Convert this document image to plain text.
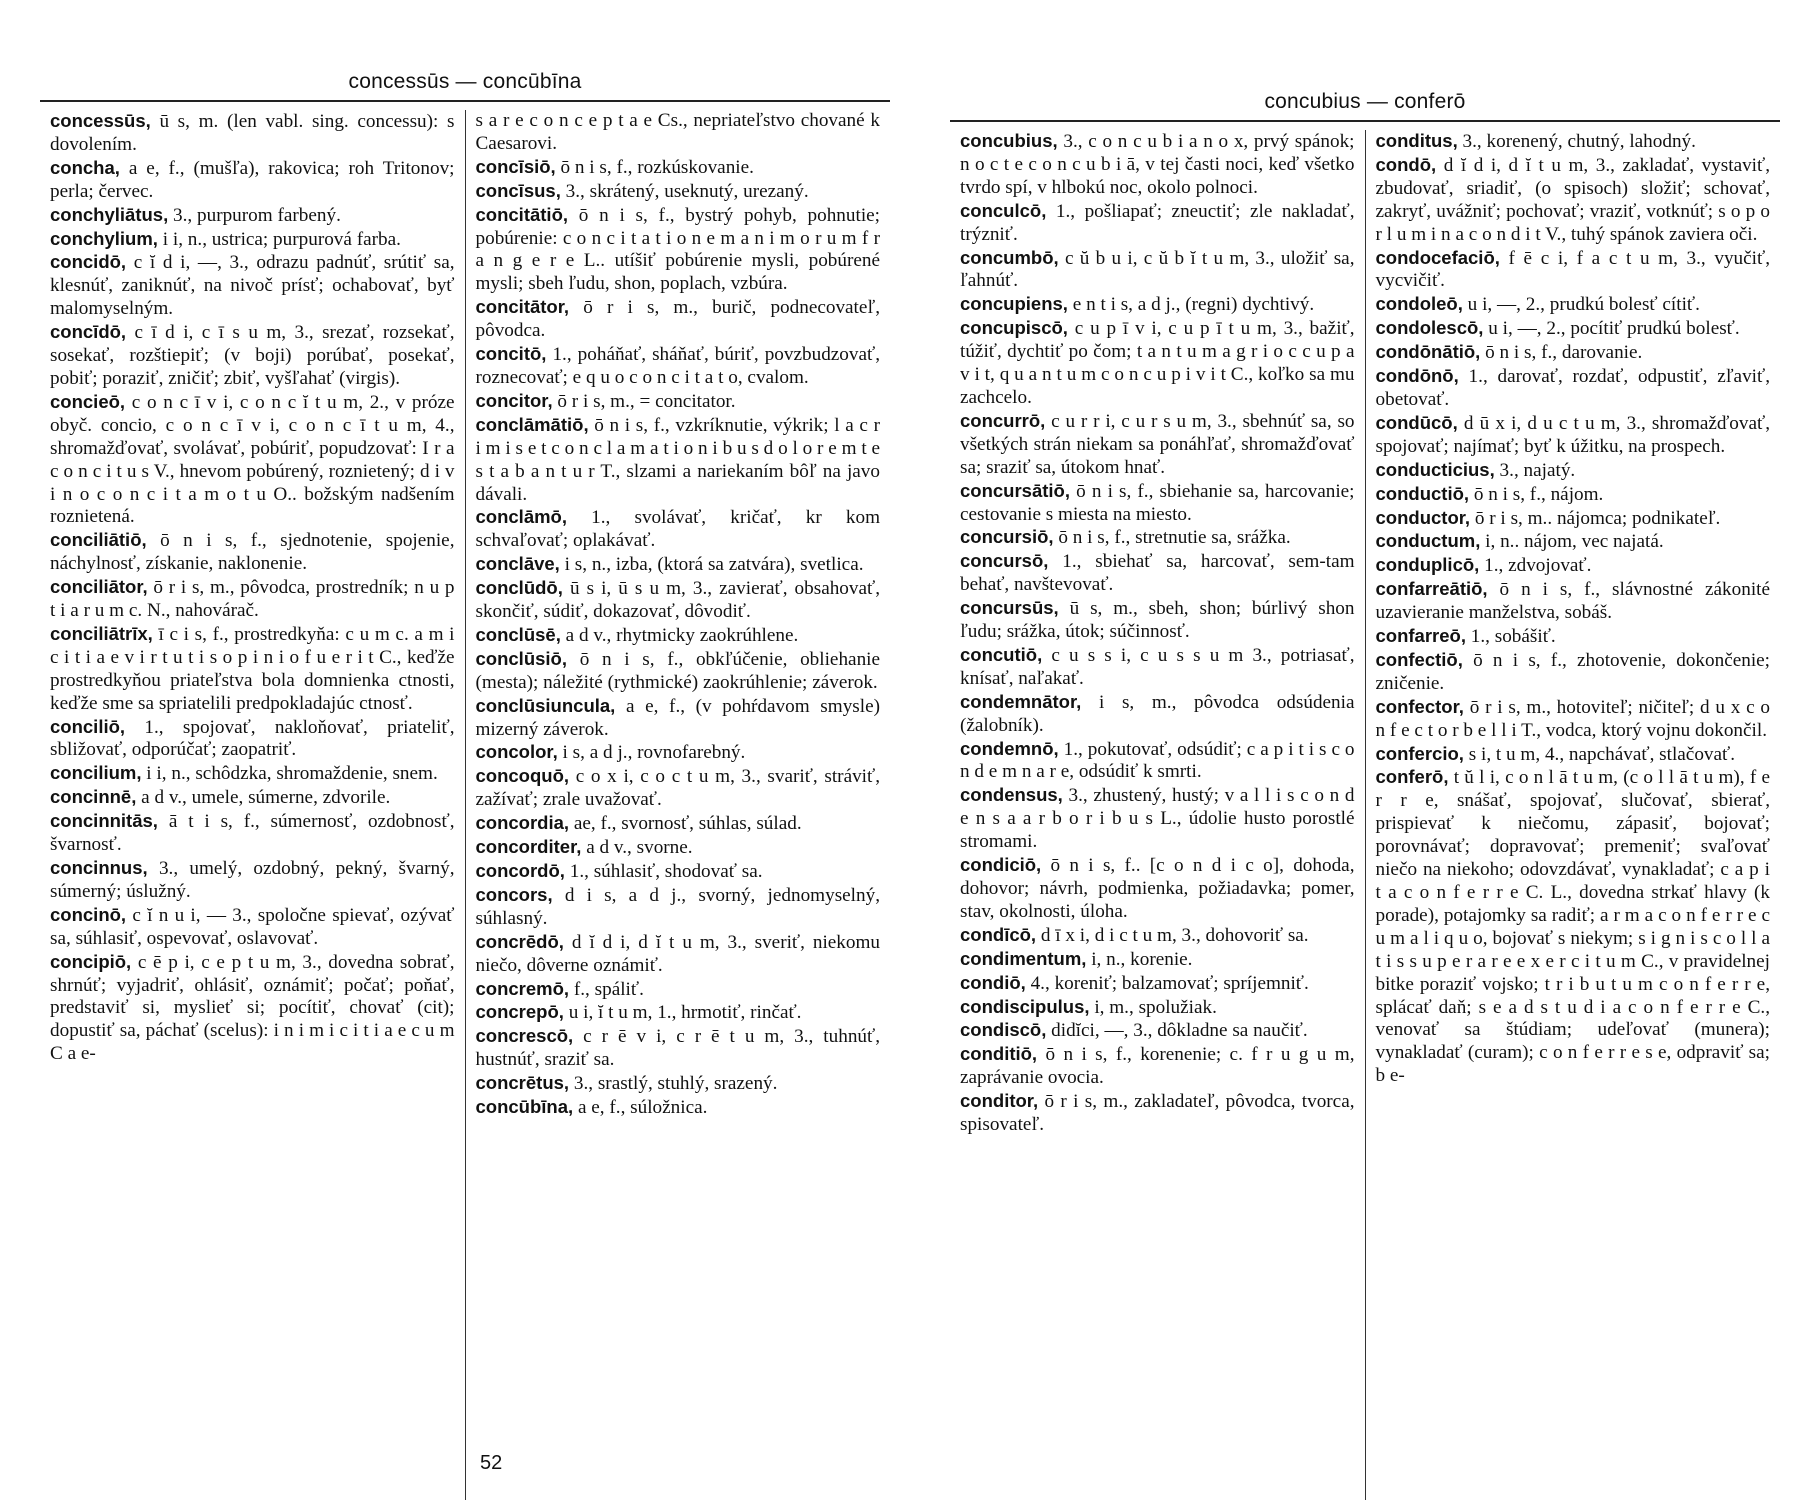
concessūs — concūbīna

concessūs, ū s, m. (len vabl. sing. concessu): s dovolením.

concha, a e, f., (mušľa), rakovica; roh Tritonov; perla; červec.

conchyliātus, 3., purpurom farbený.

conchylium, i i, n., ustrica; purpurová farba.

concidō, c ĭ d i, —, 3., odrazu padnúť, srútiť sa, klesnúť, zaniknúť, na nivoč prísť; ochabovať, byť malomyselným.

concīdō, c ī d i, c ī s u m, 3., srezať, rozsekať, sosekať, rozštiepiť; (v boji) porúbať, posekať, pobiť; poraziť, zničiť; zbiť, vyšľahať (virgis).

concieō, c o n c ī v i, c o n c ĭ t u m, 2., v próze obyč. concio, c o n c ī v i, c o n c ī t u m, 4., shromažďovať, svolávať, pobúriť, popudzovať: I r a c o n c i t u s V., hnevom pobúrený, roznietený; d i v i n o c o n c i t a m o t u O.. božským nadšením roznietená.

conciliātiō, ō n i s, f., sjednotenie, spojenie, náchylnosť, získanie, naklonenie.

conciliātor, ō r i s, m., pôvodca, prostredník; n u p t i a r u m c. N., nahovárač.

conciliātrīx, ī c i s, f., prostredkyňa: c u m c. a m i c i t i a e v i r t u t i s o p i n i o f u e r i t C., keďže prostredkyňou priateľstva bola domnienka ctnosti, keďže sme sa spriatelili predpokladajúc ctnosť.

conciliō, 1., spojovať, nakloňovať, priateliť, sbližovať, odporúčať; zaopatriť.

concilium, i i, n., schôdzka, shromaždenie, snem.

concinnē, a d v., umele, súmerne, zdvorile.

concinnitās, ā t i s, f., súmernosť, ozdobnosť, švarnosť.

concinnus, 3., umelý, ozdobný, pekný, švarný, súmerný; úslužný.

concinō, c ĭ n u i, — 3., spoločne spievať, ozývať sa, súhlasiť, ospevovať, oslavovať.

concipiō, c ē p i, c e p t u m, 3., dovedna sobrať, shrnúť; vyjadriť, ohlásiť, oznámiť; počať; poňať, predstaviť si, myslieť si; pocítiť, chovať (cit); dopustiť sa, páchať (scelus): i n i m i c i t i a e c u m C a e-

s a r e c o n c e p t a e Cs., nepriateľstvo chované k Caesarovi.

concīsiō, ō n i s, f., rozkúskovanie.

concīsus, 3., skrátený, useknutý, urezaný.

concitātiō, ō n i s, f., bystrý pohyb, pohnutie; pobúrenie: c o n c i t a t i o n e m a n i m o r u m f r a n g e r e L.. utíšiť pobúrenie mysli, pobúrené mysli; sbeh ľudu, shon, poplach, vzbúra.

concitātor, ō r i s, m., burič, podnecovateľ, pôvodca.

concitō, 1., poháňať, sháňať, búriť, povzbudzovať, roznecovať; e q u o c o n c i t a t o, cvalom.

concitor, ō r i s, m., = concitator.

conclāmātiō, ō n i s, f., vzkríknutie, výkrik; l a c r i m i s e t c o n c l a m a t i o n i b u s d o l o r e m t e s t a b a n t u r T., slzami a nariekaním bôľ na javo dávali.

conclāmō, 1., svolávať, kričať, kr kom schvaľovať; oplakávať.

conclāve, i s, n., izba, (ktorá sa zatvára), svetlica.

conclūdō, ū s i, ū s u m, 3., zavierať, obsahovať, skončiť, súdiť, dokazovať, dôvodiť.

conclūsē, a d v., rhytmicky zaokrúhlene.

conclūsiō, ō n i s, f., obkľúčenie, obliehanie (mesta); náležité (rythmické) zaokrúhlenie; záverok.

conclūsiuncula, a e, f., (v pohŕdavom smysle) mizerný záverok.

concolor, i s, a d j., rovnofarebný.

concoquō, c o x i, c o c t u m, 3., svariť, stráviť, zažívať; zrale uvažovať.

concordia, ae, f., svornosť, súhlas, súlad.

concorditer, a d v., svorne.

concordō, 1., súhlasiť, shodovať sa.

concors, d i s, a d j., svorný, jednomyselný, súhlasný.

concrēdō, d ĭ d i, d ĭ t u m, 3., sveriť, niekomu niečo, dôverne oznámiť.

concremō, f., spáliť.

concrepō, u i, ĭ t u m, 1., hrmotiť, rinčať.

concrescō, c r ē v i, c r ē t u m, 3., tuhnúť, hustnúť, sraziť sa.

concrētus, 3., srastlý, stuhlý, srazený.

concūbīna, a e, f., súložnica.

52
concubius — conferō

concubius, 3., c o n c u b i a n o x, prvý spánok; n o c t e c o n c u b i ā, v tej časti noci, keď všetko tvrdo spí, v hlbokú noc, okolo polnoci.

conculcō, 1., pošliapať; zneuctiť; zle nakladať, trýzniť.

concumbō, c ŭ b u i, c ŭ b ĭ t u m, 3., uložiť sa, ľahnúť.

concupiens, e n t i s, a d j., (regni) dychtivý.

concupiscō, c u p ī v i, c u p ī t u m, 3., bažiť, túžiť, dychtiť po čom; t a n t u m a g r i o c c u p a v i t, q u a n t u m c o n c u p i v i t C., koľko sa mu zachcelo.

concurrō, c u r r i, c u r s u m, 3., sbehnúť sa, so všetkých strán niekam sa ponáhľať, shromažďovať sa; sraziť sa, útokom hnať.

concursātiō, ō n i s, f., sbiehanie sa, harcovanie; cestovanie s miesta na miesto.

concursiō, ō n i s, f., stretnutie sa, srážka.

concursō, 1., sbiehať sa, harcovať, sem-tam behať, navštevovať.

concursūs, ū s, m., sbeh, shon; búrlivý shon ľudu; srážka, útok; súčinnosť.

concutiō, c u s s i, c u s s u m 3., potriasať, knísať, naľakať.

condemnātor, i s, m., pôvodca odsúdenia (žalobník).

condemnō, 1., pokutovať, odsúdiť; c a p i t i s c o n d e m n a r e, odsúdiť k smrti.

condensus, 3., zhustený, hustý; v a l l i s c o n d e n s a a r b o r i b u s L., údolie husto porostlé stromami.

condiciō, ō n i s, f.. [c o n d i c o], dohoda, dohovor; návrh, podmienka, požiadavka; pomer, stav, okolnosti, úloha.

condīcō, d ī x i, d i c t u m, 3., dohovoriť sa.

condimentum, i, n., korenie.

condiō, 4., koreniť; balzamovať; spríjemniť.

condiscipulus, i, m., spolužiak.

condiscō, didĭci, —, 3., dôkladne sa naučiť.

conditiō, ō n i s, f., korenenie; c. f r u g u m, zaprávanie ovocia.

conditor, ō r i s, m., zakladateľ, pôvodca, tvorca, spisovateľ.

conditus, 3., korenený, chutný, lahodný.

condō, d ĭ d i, d ĭ t u m, 3., zakladať, vystaviť, zbudovať, sriadiť, (o spisoch) složiť; schovať, zakryť, uvážniť; pochovať; vraziť, votknúť; s o p o r l u m i n a c o n d i t V., tuhý spánok zaviera oči.

condocefaciō, f ē c i, f a c t u m, 3., vyučiť, vycvičiť.

condoleō, u i, —, 2., prudkú bolesť cítiť.

condolescō, u i, —, 2., pocítiť prudkú bolesť.

condōnātiō, ō n i s, f., darovanie.

condōnō, 1., darovať, rozdať, odpustiť, zľaviť, obetovať.

condūcō, d ū x i, d u c t u m, 3., shromažďovať, spojovať; najímať; byť k úžitku, na prospech.

conducticius, 3., najatý.

conductiō, ō n i s, f., nájom.

conductor, ō r i s, m.. nájomca; podnikateľ.

conductum, i, n.. nájom, vec najatá.

conduplicō, 1., zdvojovať.

confarreātiō, ō n i s, f., slávnostné zákonité uzavieranie manželstva, sobáš.

confarreō, 1., sobášiť.

confectiō, ō n i s, f., zhotovenie, dokončenie; zničenie.

confector, ō r i s, m., hotoviteľ; ničiteľ; d u x c o n f e c t o r b e l l i T., vodca, ktorý vojnu dokončil.

confercio, s i, t u m, 4., napchávať, stlačovať.

conferō, t ŭ l i, c o n l ā t u m, (c o l l ā t u m), f e r r e, snášať, spojovať, slučovať, sbierať, prispievať k niečomu, zápasiť, bojovať; porovnávať; dopravovať; premeniť; svaľovať niečo na niekoho; odovzdávať, vynakladať; c a p i t a c o n f e r r e C. L., dovedna strkať hlavy (k porade), potajomky sa radiť; a r m a c o n f e r r e c u m a l i q u o, bojovať s niekym; s i g n i s c o l l a t i s s u p e r a r e e x e r c i t u m C., v pravidelnej bitke poraziť vojsko; t r i b u t u m c o n f e r r e, splácať daň; s e a d s t u d i a c o n f e r r e C., venovať sa štúdiam; udeľovať (munera); vynakladať (curam); c o n f e r r e s e, odpraviť sa; b e-
